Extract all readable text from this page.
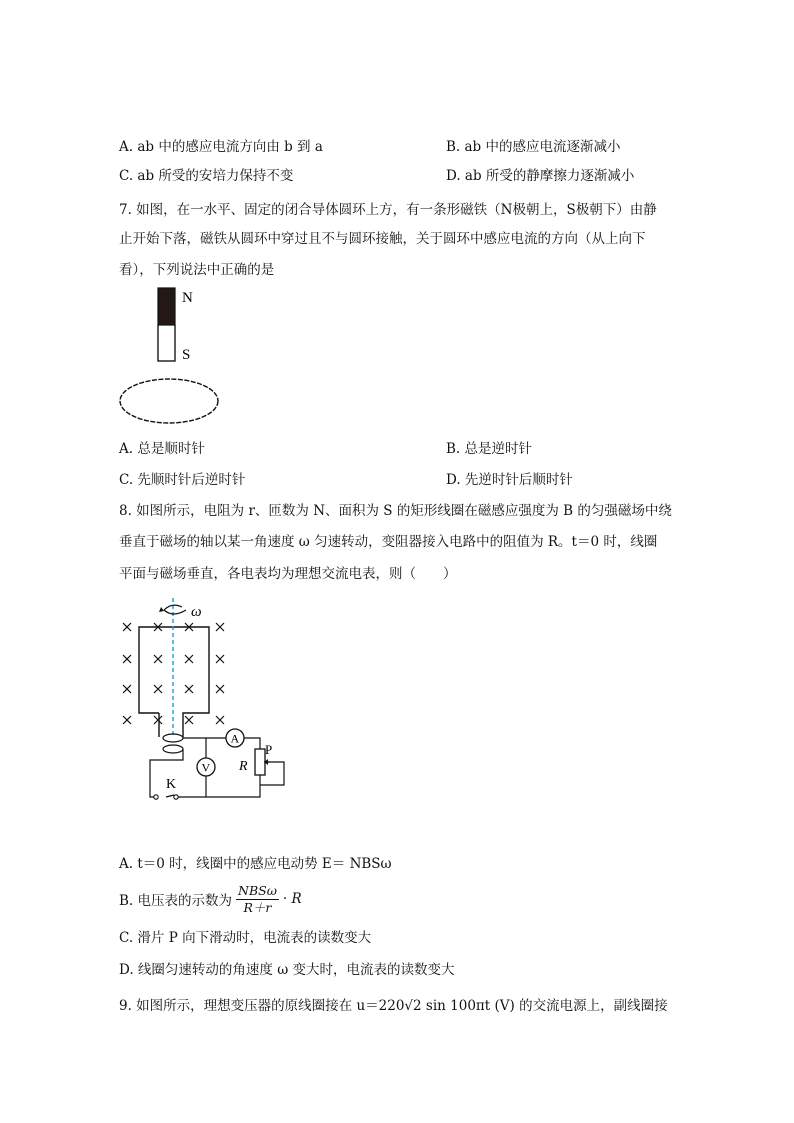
A. ab 中的感应电流方向由 b 到 a	B. ab 中的感应电流逐渐减小
C. ab 所受的安培力保持不变	D. ab 所受的静摩擦力逐渐减小
7. 如图，在一水平、固定的闭合导体圆环上方，有一条形磁铁（N极朝上，S极朝下）由静
止开始下落，磁铁从圆环中穿过且不与圆环接触，关于圆环中感应电流的方向（从上向下
看），下列说法中正确的是
N
S
A. 总是顺时针	B. 总是逆时针
C. 先顺时针后逆时针	D. 先逆时针后顺时针
8. 如图所示，电阻为 r、匝数为 N、面积为 S 的矩形线圈在磁感应强度为 B 的匀强磁场中绕
垂直于磁场的轴以某一角速度 ω 匀速转动，变阻器接入电路中的阻值为 R。t＝0 时，线圈
平面与磁场垂直，各电表均为理想交流电表，则（　　）
ω
K
A
V R
P
A. t＝0 时，线圈中的感应电动势 E＝ NBSω
B. 电压表的示数为
NBSω
R＋r · R
C. 滑片 P 向下滑动时，电流表的读数变大
D. 线圈匀速转动的角速度 ω 变大时，电流表的读数变大
9. 如图所示，理想变压器的原线圈接在 u＝220√2 sin 100πt (V) 的交流电源上，副线圈接
